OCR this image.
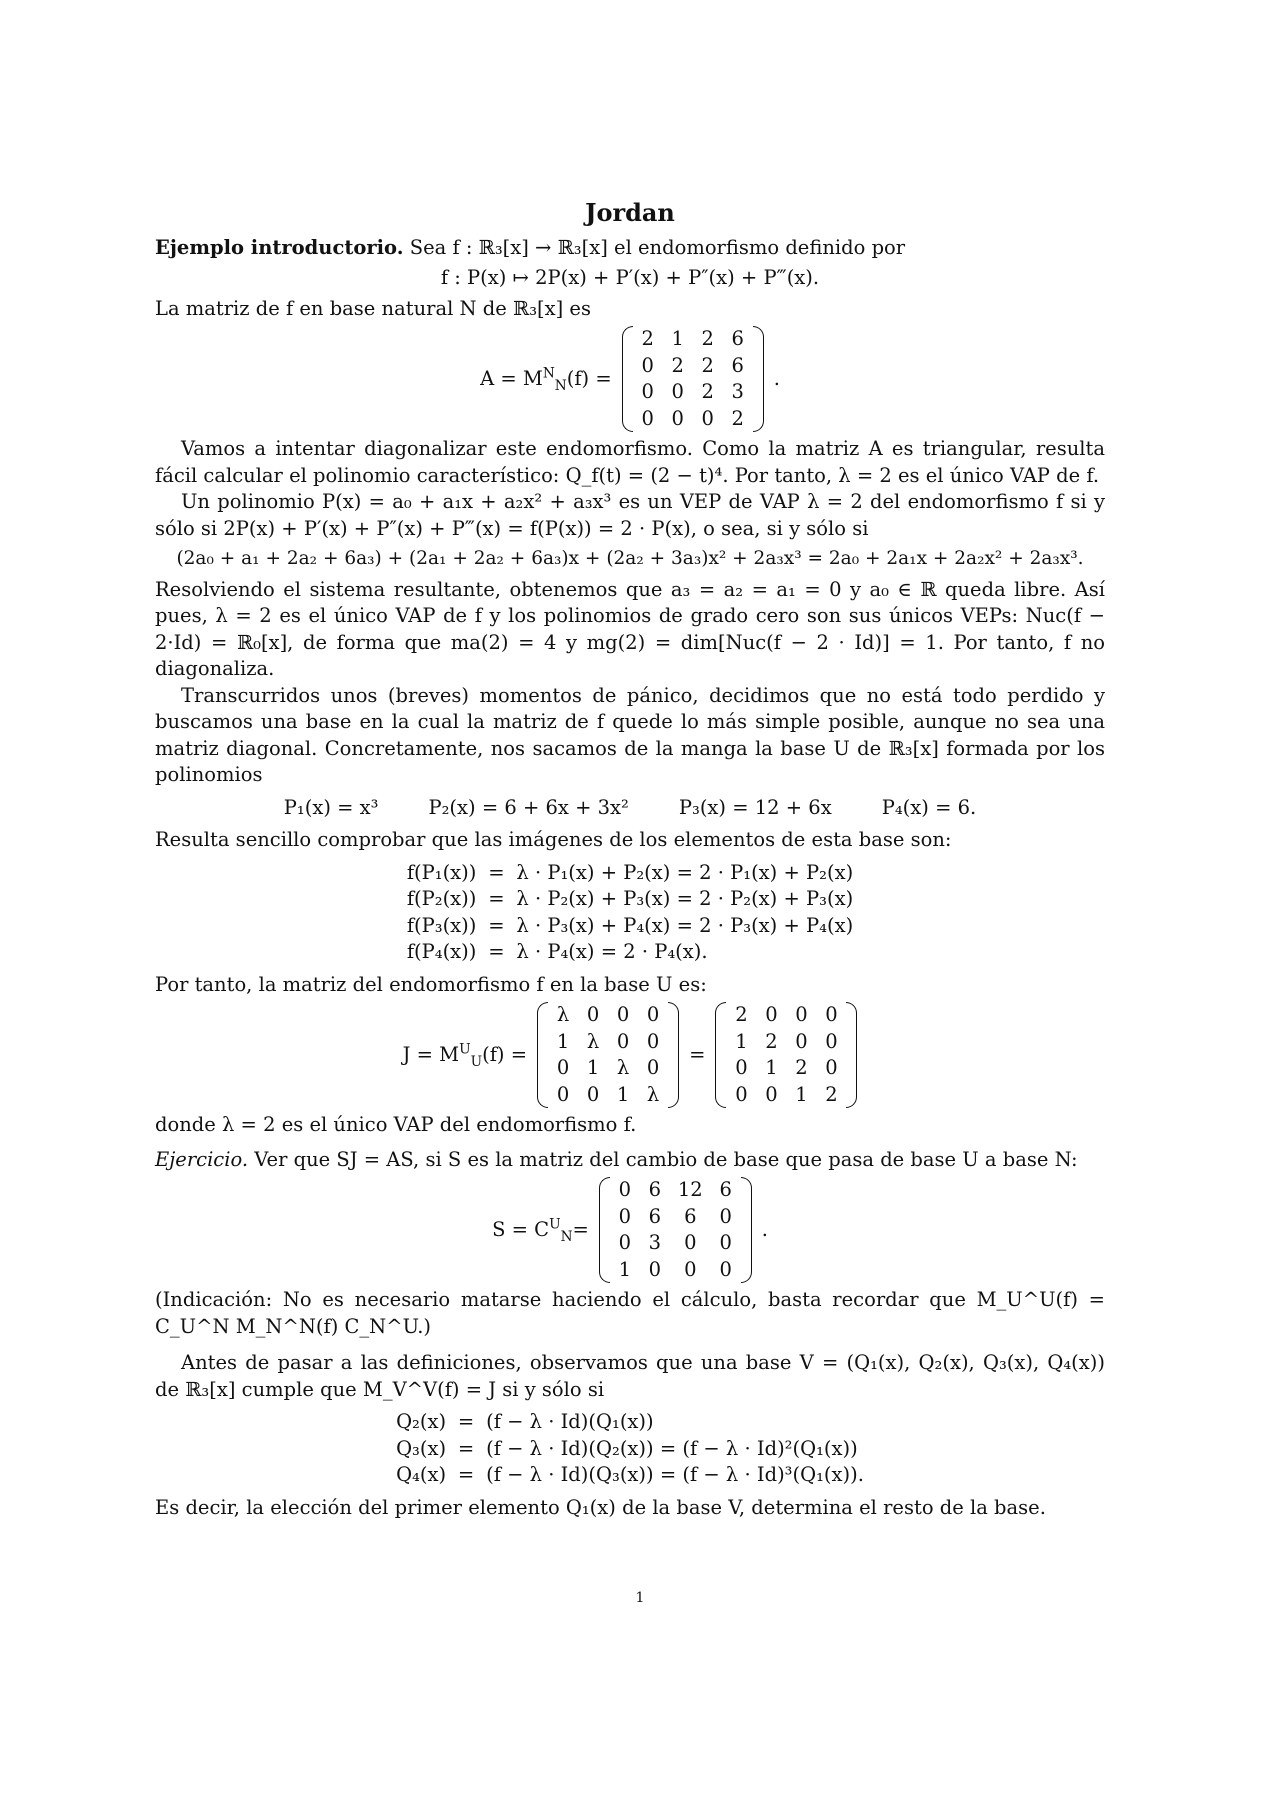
Jordan

Ejemplo introductorio. Sea f : ℝ₃[x] → ℝ₃[x] el endomorfismo definido por

f : P(x) ↦ 2P(x) + P′(x) + P″(x) + P‴(x).

La matriz de f en base natural N de ℝ₃[x] es

$A = M^N_N(f)$ =
2	1	2	6
0	2	2	6
0	0	2	3
0	0	0	2
.

Vamos a intentar diagonalizar este endomorfismo. Como la matriz A es triangular, resulta fácil calcular el polinomio característico: Q_f(t) = (2 − t)⁴. Por tanto, λ = 2 es el único VAP de f.

Un polinomio P(x) = a₀ + a₁x + a₂x² + a₃x³ es un VEP de VAP λ = 2 del endomorfismo f si y sólo si 2P(x) + P′(x) + P″(x) + P‴(x) = f(P(x)) = 2 · P(x), o sea, si y sólo si

(2a₀ + a₁ + 2a₂ + 6a₃) + (2a₁ + 2a₂ + 6a₃)x + (2a₂ + 3a₃)x² + 2a₃x³ = 2a₀ + 2a₁x + 2a₂x² + 2a₃x³.

Resolviendo el sistema resultante, obtenemos que a₃ = a₂ = a₁ = 0 y a₀ ∈ ℝ queda libre. Así pues, λ = 2 es el único VAP de f y los polinomios de grado cero son sus únicos VEPs: Nuc(f − 2·Id) = ℝ₀[x], de forma que ma(2) = 4 y mg(2) = dim[Nuc(f − 2 · Id)] = 1. Por tanto, f no diagonaliza.

Transcurridos unos (breves) momentos de pánico, decidimos que no está todo perdido y buscamos una base en la cual la matriz de f quede lo más simple posible, aunque no sea una matriz diagonal. Concretamente, nos sacamos de la manga la base U de ℝ₃[x] formada por los polinomios

P₁(x) = x³	P₂(x) = 6 + 6x + 3x²	P₃(x) = 12 + 6x	P₄(x) = 6.

Resulta sencillo comprobar que las imágenes de los elementos de esta base son:

f(P₁(x)) = λ · P₁(x) + P₂(x) = 2 · P₁(x) + P₂(x)
f(P₂(x)) = λ · P₂(x) + P₃(x) = 2 · P₂(x) + P₃(x)
f(P₃(x)) = λ · P₃(x) + P₄(x) = 2 · P₃(x) + P₄(x)
f(P₄(x)) = λ · P₄(x) = 2 · P₄(x).

Por tanto, la matriz del endomorfismo f en la base U es:

$J = M^U_U(f)$ =
λ	0	0	0
1	λ	0	0
0	1	λ	0
0	0	1	λ
=
2	0	0	0
1	2	0	0
0	1	2	0
0	0	1	2

donde λ = 2 es el único VAP del endomorfismo f.

Ejercicio. Ver que SJ = AS, si S es la matriz del cambio de base que pasa de base U a base N:

$S = C^U_N=$
0	6	12	6
0	6	6	0
0	3	0	0
1	0	0	0
.

(Indicación: No es necesario matarse haciendo el cálculo, basta recordar que M_U^U(f) = C_U^N M_N^N(f) C_N^U.)

Antes de pasar a las definiciones, observamos que una base V = (Q₁(x), Q₂(x), Q₃(x), Q₄(x)) de ℝ₃[x] cumple que M_V^V(f) = J si y sólo si

Q₂(x) = (f − λ · Id)(Q₁(x))
Q₃(x) = (f − λ · Id)(Q₂(x)) = (f − λ · Id)²(Q₁(x))
Q₄(x) = (f − λ · Id)(Q₃(x)) = (f − λ · Id)³(Q₁(x)).

Es decir, la elección del primer elemento Q₁(x) de la base V, determina el resto de la base.

1
